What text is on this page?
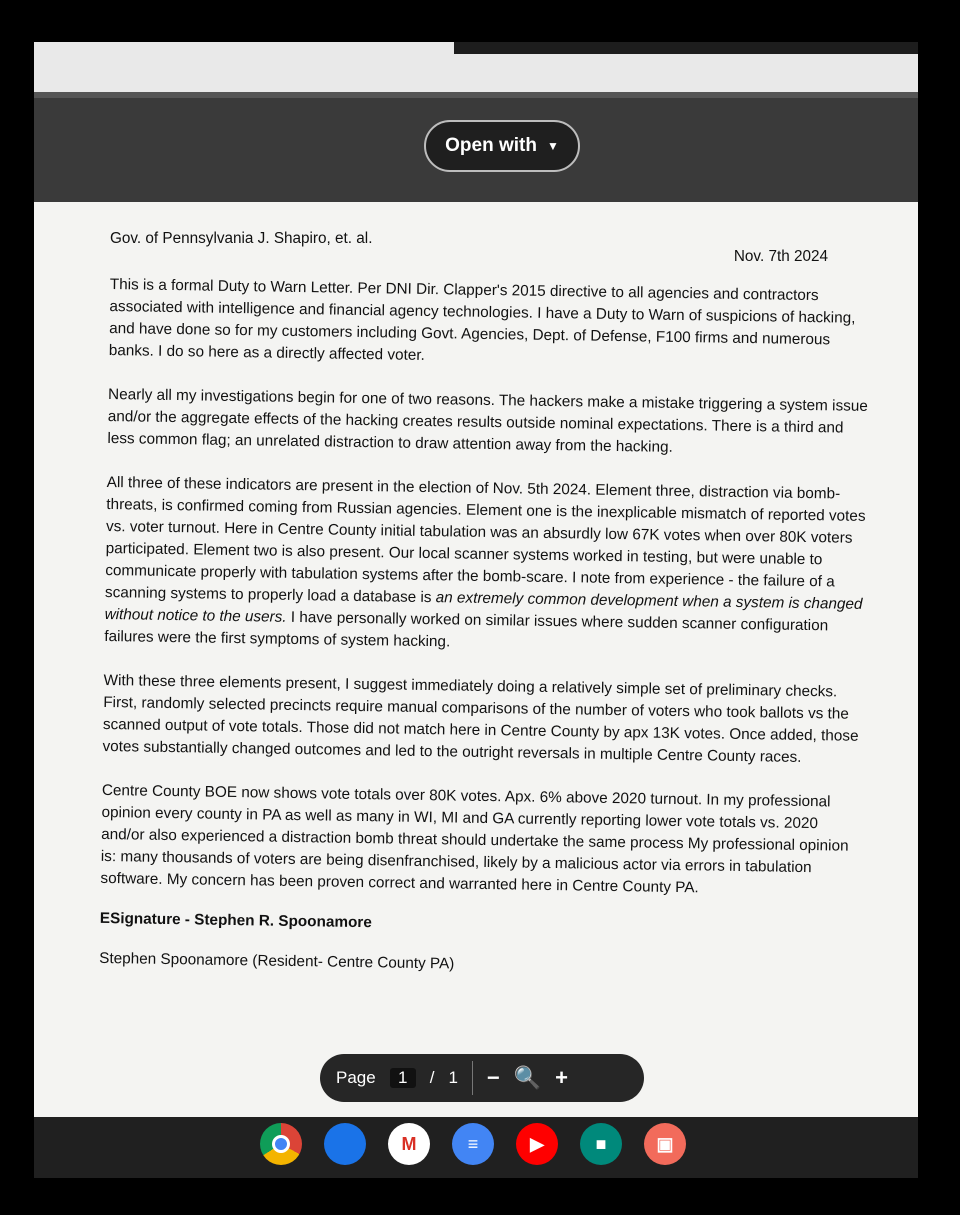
Open with ▼
Gov. of Pennsylvania J. Shapiro, et. al.
Nov. 7th 2024

This is a formal Duty to Warn Letter. Per DNI Dir. Clapper's 2015 directive to all agencies and contractors associated with intelligence and financial agency technologies. I have a Duty to Warn of suspicions of hacking, and have done so for my customers including Govt. Agencies, Dept. of Defense, F100 firms and numerous banks. I do so here as a directly affected voter.

Nearly all my investigations begin for one of two reasons. The hackers make a mistake triggering a system issue and/or the aggregate effects of the hacking creates results outside nominal expectations. There is a third and less common flag; an unrelated distraction to draw attention away from the hacking.

All three of these indicators are present in the election of Nov. 5th 2024. Element three, distraction via bomb-threats, is confirmed coming from Russian agencies. Element one is the inexplicable mismatch of reported votes vs. voter turnout. Here in Centre County initial tabulation was an absurdly low 67K votes when over 80K voters participated. Element two is also present. Our local scanner systems worked in testing, but were unable to communicate properly with tabulation systems after the bomb-scare. I note from experience - the failure of a scanning systems to properly load a database is an extremely common development when a system is changed without notice to the users. I have personally worked on similar issues where sudden scanner configuration failures were the first symptoms of system hacking.

With these three elements present, I suggest immediately doing a relatively simple set of preliminary checks. First, randomly selected precincts require manual comparisons of the number of voters who took ballots vs the scanned output of vote totals. Those did not match here in Centre County by apx 13K votes. Once added, those votes substantially changed outcomes and led to the outright reversals in multiple Centre County races.

Centre County BOE now shows vote totals over 80K votes. Apx. 6% above 2020 turnout. In my professional opinion every county in PA as well as many in WI, MI and GA currently reporting lower vote totals vs. 2020 and/or also experienced a distraction bomb threat should undertake the same process My professional opinion is: many thousands of voters are being disenfranchised, likely by a malicious actor via errors in tabulation software. My concern has been proven correct and warranted here in Centre County PA.

ESignature - Stephen R. Spoonamore
Stephen Spoonamore (Resident- Centre County PA)
Page	1	/ 1 − 🔍 +
M	≡	▶	■	▣
